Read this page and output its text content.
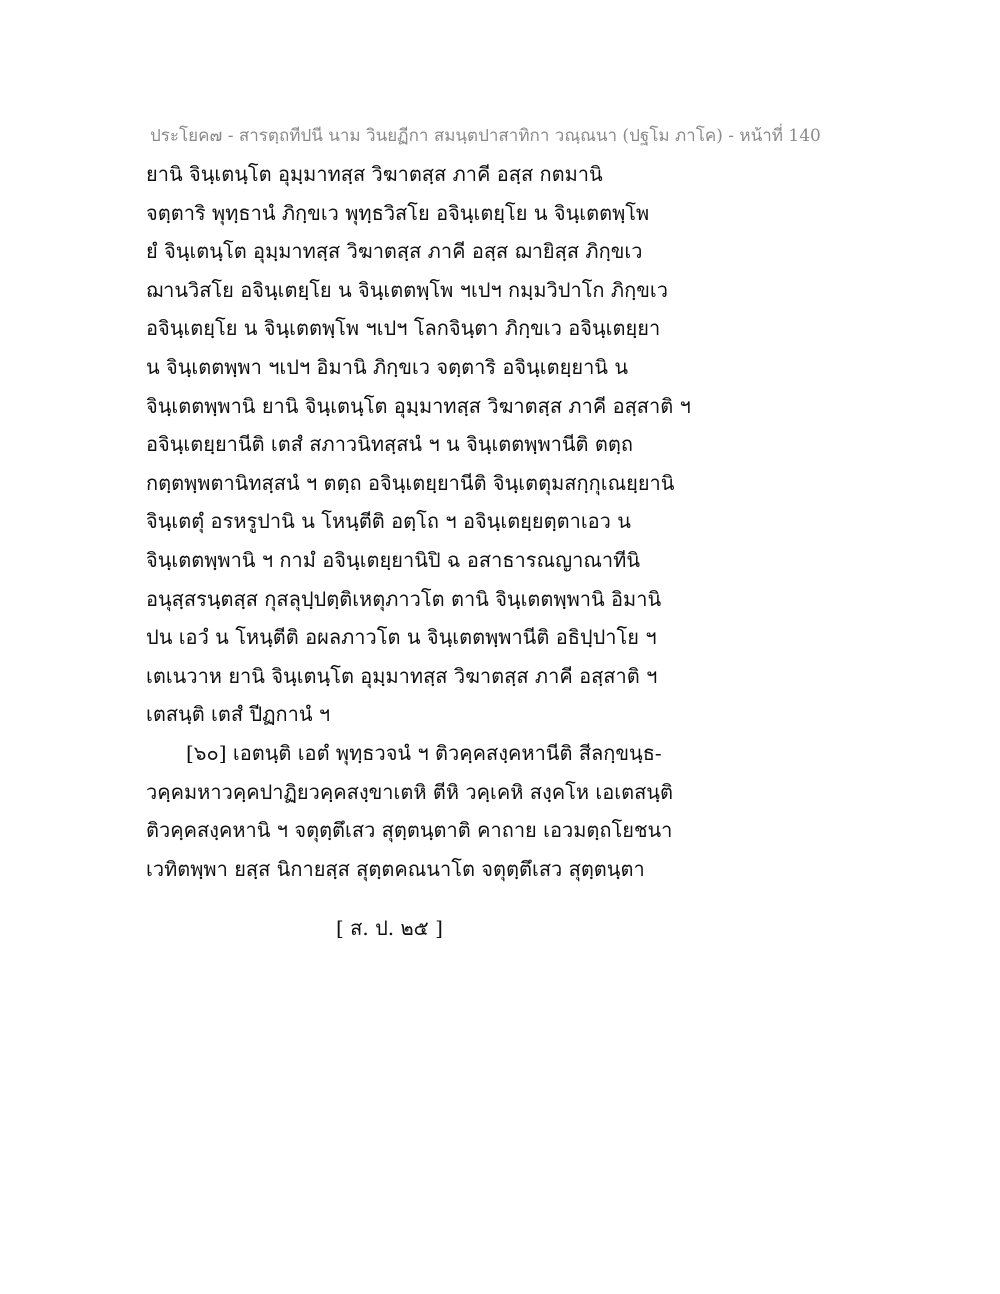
ประโยค๗ - สารตฺถทีปนี นาม วินยฏีกา สมนฺตปาสาทิกา วณฺณนา (ปฐโม ภาโค) - หน้าที่ 140
ยานิ จินฺเตนฺโต อุมฺมาทสฺส วิฆาตสฺส ภาคี อสฺส กตมานิ
จตฺตาริ พุทฺธานํ ภิกฺขเว พุทฺธวิสโย อจินฺเตยฺโย น จินฺเตตพฺโพ
ยํ จินฺเตนฺโต อุมฺมาทสฺส วิฆาตสฺส ภาคี อสฺส ฌายิสฺส ภิกฺขเว
ฌานวิสโย อจินฺเตยฺโย น จินฺเตตพฺโพ ฯเปฯ กมฺมวิปาโก ภิกฺขเว
อจินฺเตยฺโย น จินฺเตตพฺโพ ฯเปฯ โลกจินฺตา ภิกฺขเว อจินฺเตยฺยา
น จินฺเตตพฺพา ฯเปฯ อิมานิ ภิกฺขเว จตฺตาริ อจินฺเตยฺยานิ น
จินฺเตตพฺพานิ ยานิ จินฺเตนฺโต อุมฺมาทสฺส วิฆาตสฺส ภาคี อสฺสาติ ฯ
อจินฺเตยฺยานีติ เตสํ สภาวนิทสฺสนํ ฯ น จินฺเตตพฺพานีติ ตตฺถ
กตฺตพฺพตานิทสฺสนํ ฯ ตตฺถ อจินฺเตยฺยานีติ จินฺเตตุมสกฺกุเณยฺยานิ
จินฺเตตุํ อรหรูปานิ น โหนฺตีติ อตฺโถ ฯ อจินฺเตยฺยตฺตาเอว น
จินฺเตตพฺพานิ ฯ กามํ อจินฺเตยฺยานิปิ ฉ อสาธารณญาณาทีนิ
อนุสฺสรนฺตสฺส กุสลุปฺปตฺติเหตุภาวโต ตานิ จินฺเตตพฺพานิ อิมานิ
ปน เอวํ น โหนฺตีติ อผลภาวโต น จินฺเตตพฺพานีติ อธิปฺปาโย ฯ
เตเนวาห ยานิ จินฺเตนฺโต อุมฺมาทสฺส วิฆาตสฺส ภาคี อสฺสาติ ฯ
เตสนฺติ เตสํ ปีฏกานํ ฯ
[๖๐] เอตนฺติ เอตํ พุทฺธวจนํ ฯ ติวคฺคสงฺคหานีติ สีลกฺขนฺธ-
วคฺคมหาวคฺคปาฏิยวคฺคสงฺขาเตหิ ตีหิ วคฺเคหิ สงฺคโห เอเตสนฺติ
ติวคฺคสงฺคหานิ ฯ จตุตฺตึเสว สุตฺตนฺตาติ คาถาย เอวมตฺถโยชนา
เวทิตพฺพา ยสฺส นิกายสฺส สุตฺตคณนาโต จตุตฺตึเสว สุตฺตนฺตา
[ ส. ป. ๒๕ ]
